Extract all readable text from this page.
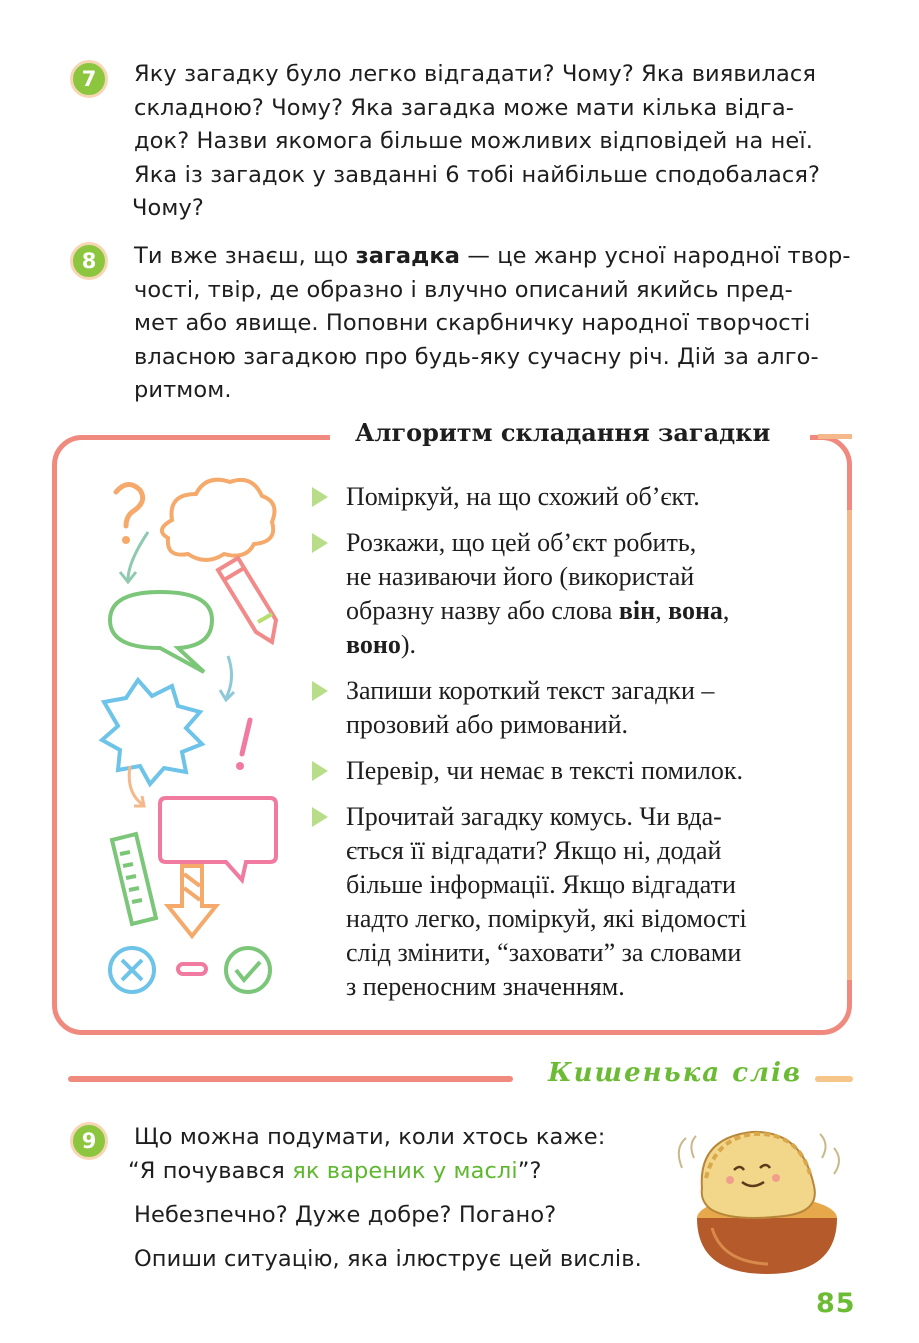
7 Яку загадку було легко відгадати? Чому? Яка виявилася
складною? Чому? Яка загадка може мати кілька відга-
док? Назви якомога більше можливих відповідей на неї.
Яка із загадок у завданні 6 тобі найбільше сподобалася?
Чому?
8 Ти вже знаєш, що загадка — це жанр усної народної твор-
чості, твір, де образно і влучно описаний якийсь пред-
мет або явище. Поповни скарбничку народної творчості
власною загадкою про будь-яку сучасну річ. Дій за алго-
ритмом.
Алгоритм складання загадки
Поміркуй, на що схожий об’єкт.
Розкажи, що цей об’єкт робить,
не називаючи його (використай
образну назву або слова він, вона,
воно).
Запиши короткий текст загадки –
прозовий або римований.
Перевір, чи немає в тексті помилок.
Прочитай загадку комусь. Чи вда-
ється її відгадати? Якщо ні, додай
більше інформації. Якщо відгадати
надто легко, поміркуй, які відомості
слід змінити, “заховати” за словами
з переносним значенням.
Кишенька слів
9 Що можна подумати, коли хтось каже:

“Я почувався як вареник у маслі”?

Небезпечно? Дуже добре? Погано?

Опиши ситуацію, яка ілюструє цей вислів.

85
